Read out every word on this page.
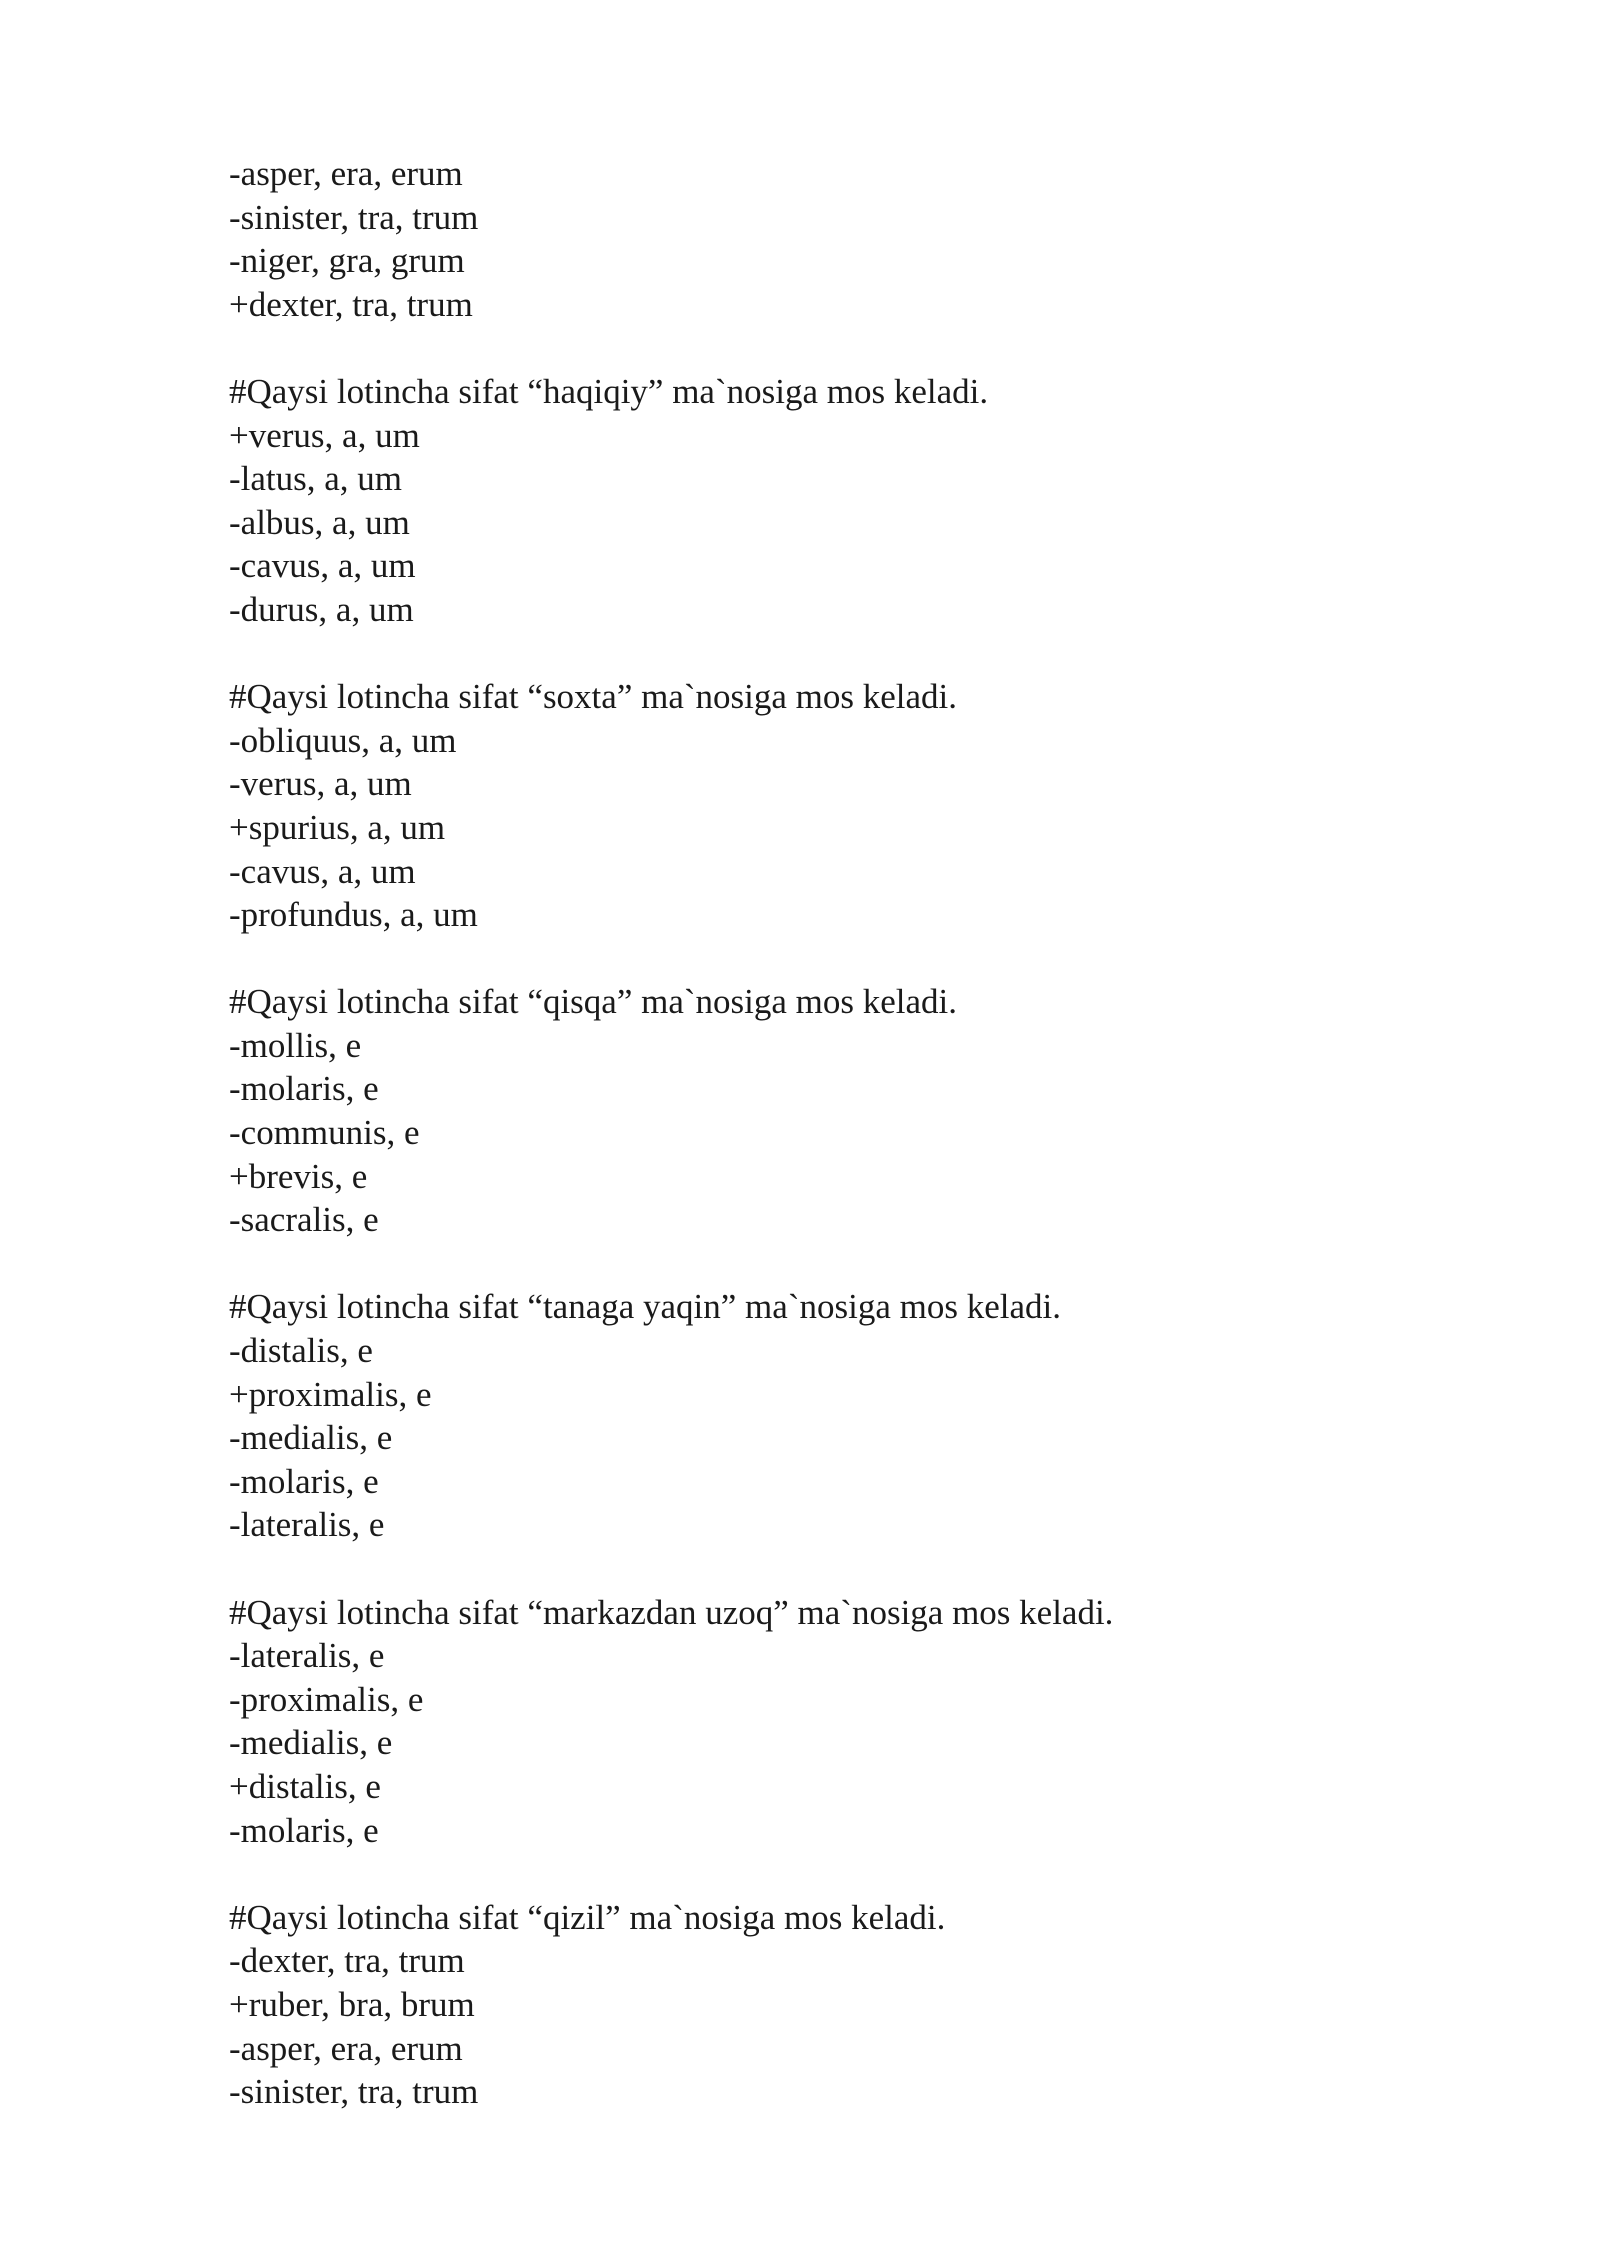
-asper, era, erum
-sinister, tra, trum
-niger, gra, grum
+dexter, tra, trum
#Qaysi lotincha sifat “haqiqiy” ma`nosiga mos keladi.
+verus, a, um
-latus, a, um
-albus, a, um
-cavus, a, um
-durus, a, um
#Qaysi lotincha sifat “soxta” ma`nosiga mos keladi.
-obliquus, a, um
-verus, a, um
+spurius, a, um
-cavus, a, um
-profundus, a, um
#Qaysi lotincha sifat “qisqa” ma`nosiga mos keladi.
-mollis, e
-molaris, e
-communis, e
+brevis, e
-sacralis, e
#Qaysi lotincha sifat “tanaga yaqin” ma`nosiga mos keladi.
-distalis, e
+proximalis, e
-medialis, e
-molaris, e
-lateralis, e
#Qaysi lotincha sifat “markazdan uzoq” ma`nosiga mos keladi.
-lateralis, e
-proximalis, e
-medialis, e
+distalis, e
-molaris, e
#Qaysi lotincha sifat “qizil” ma`nosiga mos keladi.
-dexter, tra, trum
+ruber, bra, brum
-asper, era, erum
-sinister, tra, trum
